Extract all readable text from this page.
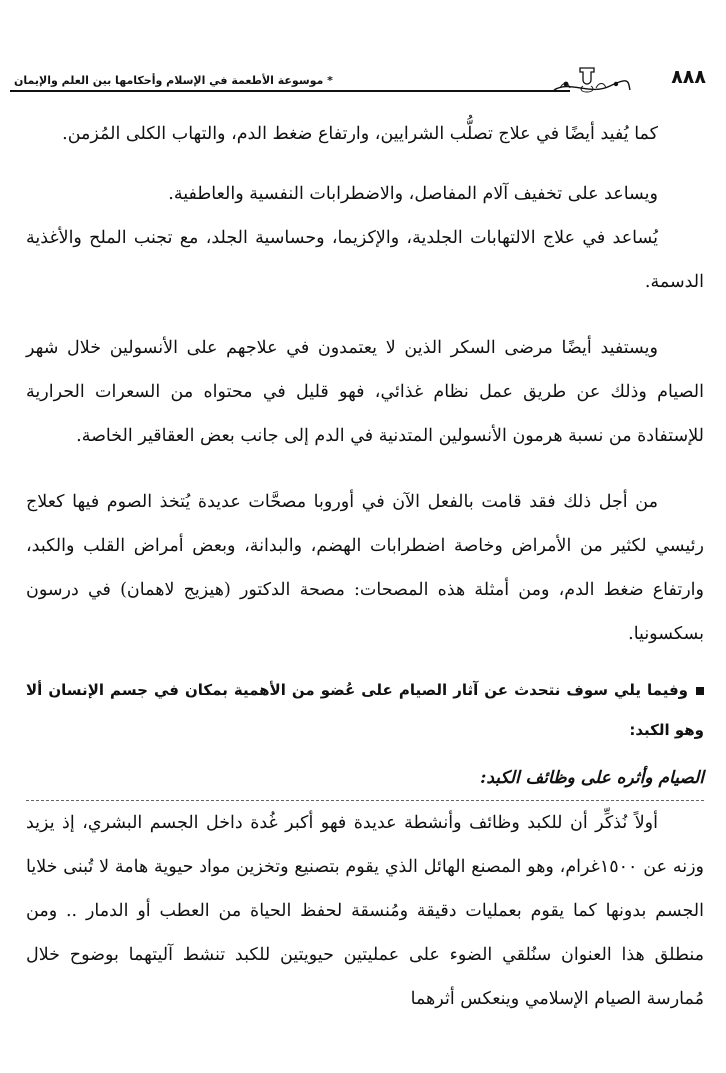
٨٨٨
* موسوعة الأطعمة في الإسلام وأحكامها بين العلم والإيمان

كما يُفيد أيضًا في علاج تصلُّب الشرايين، وارتفاع ضغط الدم، والتهاب الكلى المُزمن.

ويساعد على تخفيف آلام المفاصل، والاضطرابات النفسية والعاطفية.

يُساعد في علاج الالتهابات الجلدية، والإكزيما، وحساسية الجلد، مع تجنب الملح والأغذية الدسمة.

ويستفيد أيضًا مرضى السكر الذين لا يعتمدون في علاجهم على الأنسولين خلال شهر الصيام وذلك عن طريق عمل نظام غذائي، فهو قليل في محتواه من السعرات الحرارية للإستفادة من نسبة هرمون الأنسولين المتدنية في الدم إلى جانب بعض العقاقير الخاصة.

من أجل ذلك فقد قامت بالفعل الآن في أوروبا مصحَّات عديدة يُتخذ الصوم فيها كعلاج رئيسي لكثير من الأمراض وخاصة اضطرابات الهضم، والبدانة، وبعض أمراض القلب والكبد، وارتفاع ضغط الدم، ومن أمثلة هذه المصحات: مصحة الدكتور (هيزيج لاهمان) في درسون بسكسونيا.

وفيما يلي سوف نتحدث عن آثار الصيام على عُضو من الأهمية بمكان في جسم الإنسان ألا وهو الكبد:

الصيام وأثره على وظائف الكبد:

أولاً نُذكِّر أن للكبد وظائف وأنشطة عديدة فهو أكبر غُدة داخل الجسم البشري، إذ يزيد وزنه عن ١٥٠٠غرام، وهو المصنع الهائل الذي يقوم بتصنيع وتخزين مواد حيوية هامة لا تُبنى خلايا الجسم بدونها كما يقوم بعمليات دقيقة ومُنسقة لحفظ الحياة من العطب أو الدمار .. ومن منطلق هذا العنوان سنُلقي الضوء على عمليتين حيويتين للكبد تنشط آليتهما بوضوح خلال مُمارسة الصيام الإسلامي وينعكس أثرهما
